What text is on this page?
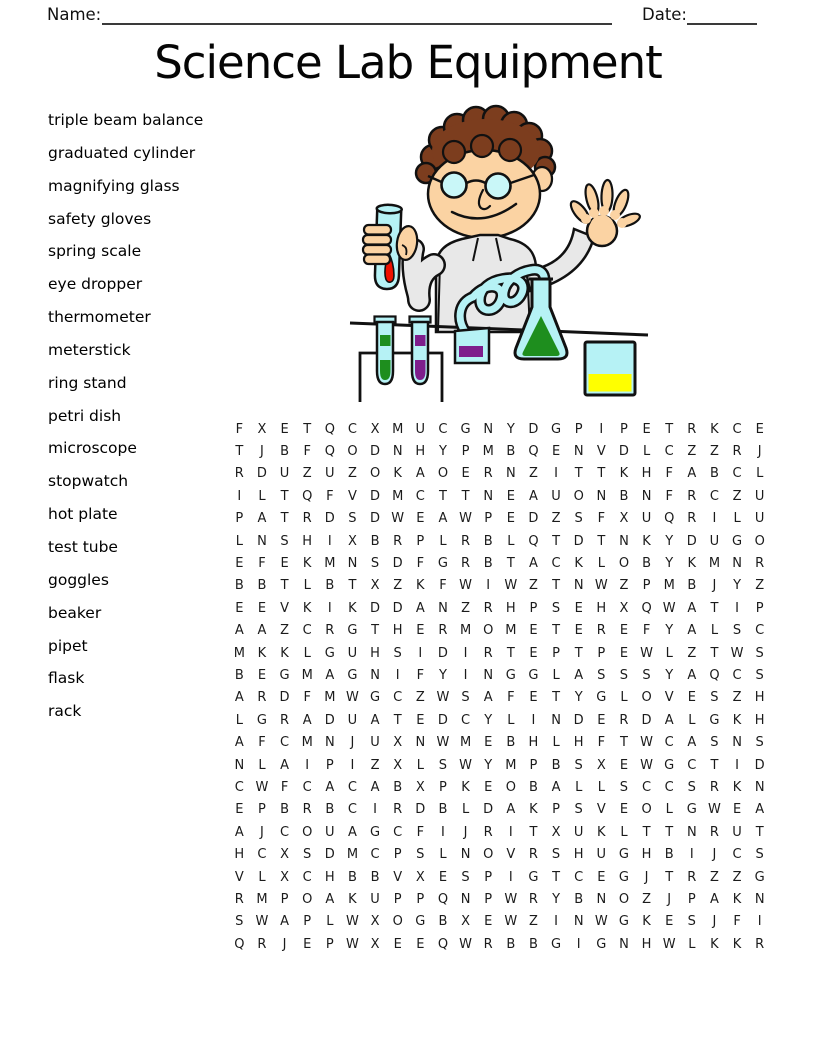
Name:	Date:
Science Lab Equipment
triple beam balance
graduated cylinder
magnifying glass
safety gloves
spring scale
eye dropper
thermometer
meterstick
ring stand
petri dish
microscope
stopwatch
hot plate
test tube
goggles
beaker
pipet
flask
rack
F	X	E	T	Q C	X M U	C	G N	Y	D G	P	I	P	E	T	R	K	C	E
T	J	B	F	Q O D N H	Y	P	M B	Q	E	N	V	D	L	C	Z	Z	R	J
R	D U	Z	U	Z	O	K	A	O	E	R	N	Z	I	T	T	K	H	F	A	B	C	L
I	L	T	Q	F	V	D M C	T	T	N	E	A	U O N	B	N	F	R	C	Z	U
P	A	T	R	D	S	D W E	A W P	E	D	Z	S	F	X	U Q R	I	L	U
L	N	S	H	I	X	B	R	P	L	R	B	L	Q	T	D	T	N	K	Y	D U G O
E	F	E	K M N	S	D	F	G	R	B	T	A	C	K	L	O	B	Y	K M N	R
B	B	T	L	B	T	X	Z	K	F W	I	W Z	T	N W Z	P	M B	J	Y	Z
E	E	V	K	I	K	D D	A	N	Z	R	H	P	S	E	H	X	Q W A	T	I	P
A	A	Z	C	R	G	T	H	E	R M O M E	T	E	R	E	F	Y	A	L	S	C
M K	K	L	G U H	S	I	D	I	R	T	E	P	T	P	E W L	Z	T W S
B	E	G M A	G N	I	F	Y	I	N G G	L	A	S	S	S	Y	A	Q C	S
A	R	D	F	M W G	C	Z W S	A	F	E	T	Y	G	L	O	V	E	S	Z	H
L	G	R	A	D U	A	T	E	D	C	Y	L	I	N D	E	R	D	A	L	G	K	H
A	F	C M N	J	U	X	N W M E	B	H	L	H	F	T W C	A	S	N	S
N	L	A	I	P	I	Z	X	L	S W Y	M	P	B	S	X	E W G	C	T	I	D
C W F	C	A	C	A	B	X	P	K	E	O	B	A	L	L	S	C	C	S	R	K	N
E	P	B	R	B	C	I	R	D	B	L	D	A	K	P	S	V	E	O	L	G W E	A
A	J	C O U	A	G	C	F	I	J	R	I	T	X	U	K	L	T	T	N	R	U	T
H	C	X	S	D M C	P	S	L	N O	V	R	S	H U G H	B	I	J	C	S
V	L	X	C	H	B	B	V	X	E	S	P	I	G	T	C	E	G	J	T	R	Z	Z	G
R M	P	O	A	K	U	P	P	Q N	P W R	Y	B	N O	Z	J	P	A	K	N
S W A	P	L W X	O G	B	X	E W Z	I	N W G	K	E	S	J	F	I
Q R	J	E	P W X	E	E	Q W R	B	B	G	I	G N H W L	K	K	R
